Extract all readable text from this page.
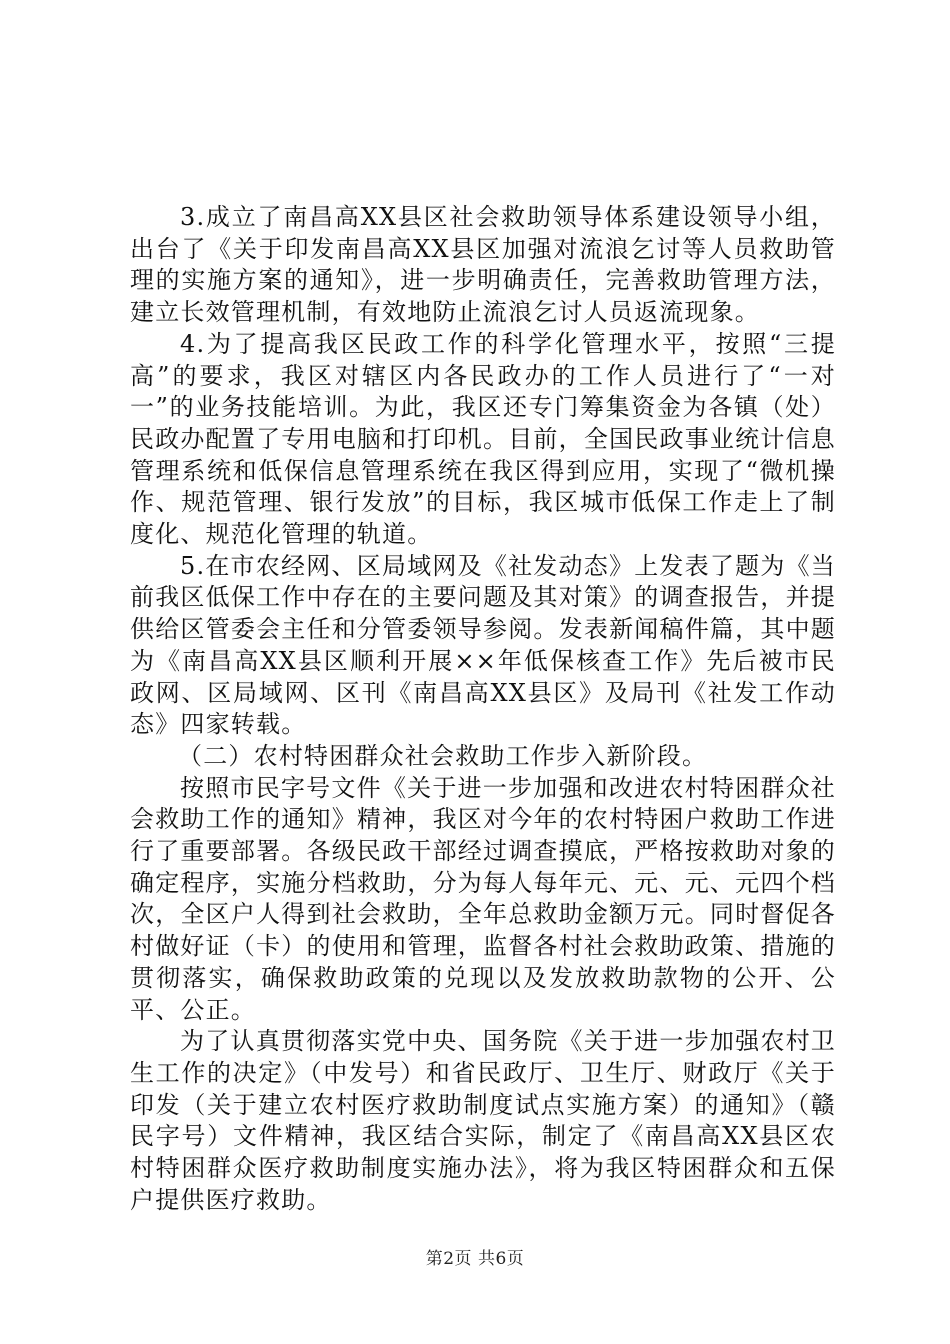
3.成立了南昌高XX县区社会救助领导体系建设领导小组，出台了《关于印发南昌高XX县区加强对流浪乞讨等人员救助管理的实施方案的通知》，进一步明确责任，完善救助管理方法，建立长效管理机制，有效地防止流浪乞讨人员返流现象。

4.为了提高我区民政工作的科学化管理水平，按照“三提高”的要求，我区对辖区内各民政办的工作人员进行了“一对一”的业务技能培训。为此，我区还专门筹集资金为各镇（处）民政办配置了专用电脑和打印机。目前，全国民政事业统计信息管理系统和低保信息管理系统在我区得到应用，实现了“微机操作、规范管理、银行发放”的目标，我区城市低保工作走上了制度化、规范化管理的轨道。

5.在市农经网、区局域网及《社发动态》上发表了题为《当前我区低保工作中存在的主要问题及其对策》的调查报告，并提供给区管委会主任和分管委领导参阅。发表新闻稿件篇，其中题为《南昌高XX县区顺利开展××年低保核查工作》先后被市民政网、区局域网、区刊《南昌高XX县区》及局刊《社发工作动态》四家转载。

（二）农村特困群众社会救助工作步入新阶段。

按照市民字号文件《关于进一步加强和改进农村特困群众社会救助工作的通知》精神，我区对今年的农村特困户救助工作进行了重要部署。各级民政干部经过调查摸底，严格按救助对象的确定程序，实施分档救助，分为每人每年元、元、元、元四个档次，全区户人得到社会救助，全年总救助金额万元。同时督促各村做好证（卡）的使用和管理，监督各村社会救助政策、措施的贯彻落实，确保救助政策的兑现以及发放救助款物的公开、公平、公正。

为了认真贯彻落实党中央、国务院《关于进一步加强农村卫生工作的决定》（中发号）和省民政厅、卫生厅、财政厅《关于印发（关于建立农村医疗救助制度试点实施方案）的通知》（赣民字号）文件精神，我区结合实际，制定了《南昌高XX县区农村特困群众医疗救助制度实施办法》，将为我区特困群众和五保户提供医疗救助。

第2页 共6页
